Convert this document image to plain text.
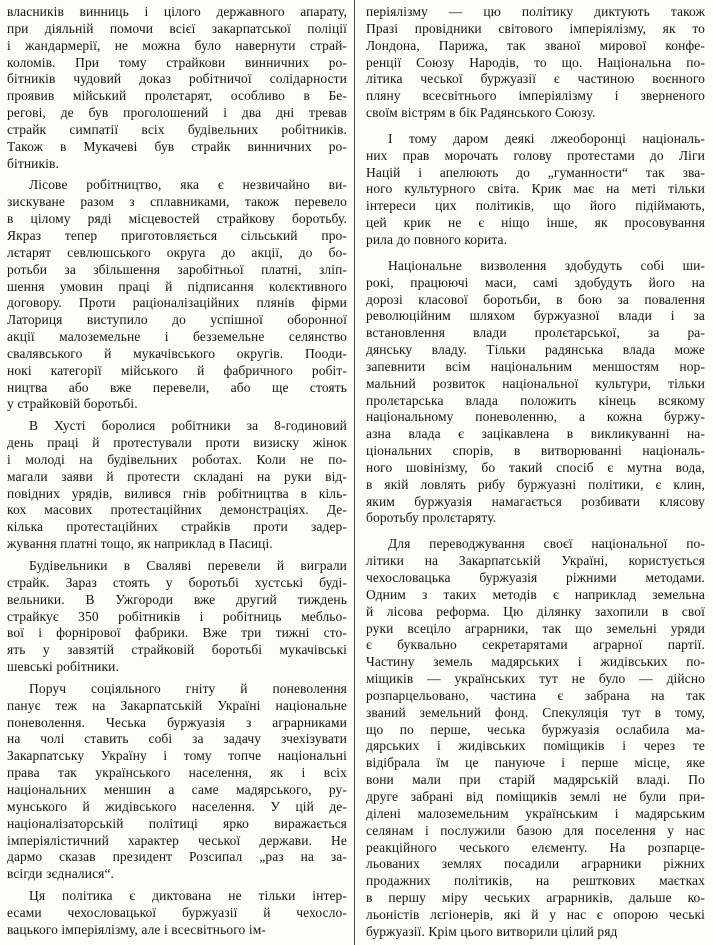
власників винниць і цілого державного апарату,
при діяльній помочи всієї закарпатської поліції
і жандармерії, не можна було навернути страй-
коломів. При тому страйкови винничних ро-
бітників чудовий доказ робітничої солідарности
проявив мійський пролєтарят, особливо в Бе-
регові, де був проголошений і два дні тревав
страйк симпатії всіх будівельних робітників.
Також в Мукачеві був страйк винничних ро-
бітників.
Лісове робітництво, яка є незвичайно ви-
зискуване разом з сплавниками, також перевело
в цілому ряді місцевостей страйкову боротьбу.
Якраз тепер приготовляється сільський про-
лєтарят севлюшського округа до акції, до бо-
ротьби за збільшення заробітньої платні, зліп-
шення умовин праці й підписання колєктивного
договору. Проти раціоналізаційних плянів фірми
Латориця виступило до успішної оборонної
акції малоземельне і безземельне селянство
свалявського й мукачівського округів. Пооди-
нокі категорії мійського й фабричного робіт-
ництва або вже перевели, або ще стоять
у страйковій боротьбі.
В Хусті боролися робітники за 8-годиновий
день праці й протестували проти визиску жінок
і молоді на будівельних роботах. Коли не по-
магали заяви й протести складані на руки від-
повідних урядів, вилився гнів робітництва в кіль-
кох масових протестаційних демонстраціях. Де-
кілька протестаційних страйків проти задер-
жування платні тощо, як наприклад в Пасиці.
Будівельники в Сваляві перевели й виграли
страйк. Зараз стоять у боротьбі хустські буді-
вельники. В Ужгороди вже другий тиждень
страйкує 350 робітників і робітниць мебльо-
вої і форнірової фабрики. Вже три тижні сто-
ять у завзятій страйковій боротьбі мукачівські
шевські робітники.
Поруч соціяльного гніту й поневолення
панує теж на Закарпатській Україні національне
поневолення. Чеська буржуазія з аграрниками
на чолі ставить собі за задачу зчехізувати
Закарпатську Україну і тому топче національні
права так українського населення, як і всіх
національних меншин а саме мадярського, ру-
мунського й жидівського населення. У цій де-
націоналізаторській політиці ярко виражається
імперіялістичний характер чеської держави. Не
дармо сказав президент Розсипал „раз на за-
всігди зєдналися“.
Ця політика є диктована не тільки інтер-
есами чехословацької буржуазії й чехосло-
вацького імперіялізму, але і всесвітнього ім-
періялізму — цю політику диктують також
Празі провідники світового імперіялізму, як то
Лондона, Парижа, так званої мирової конфе-
ренції Союзу Народів, то що. Національна по-
літика чеської буржуазії є частиною воєнного
пляну всесвітнього імперіялізму і зверненого
своїм вістрям в бік Радянського Союзу.
І тому даром деякі лжеоборонці національ-
них прав морочать голову протестами до Ліги
Націй і апелюють до „гуманности“ так зва-
ного культурного світа. Крик має на меті тільки
інтереси цих політиків, що його підіймають,
цей крик не є ніщо інше, як просовування
рила до повного корита.
Національне визволення здобудуть собі ши-
рокі, працюючі маси, самі здобудуть його на
дорозі класової боротьби, в бою за повалення
революційним шляхом буржуазної влади і за
встановлення влади пролєтарської, за ра-
дянську владу. Тільки радянська влада може
запевнити всім національним меншостям нор-
мальний розвиток національної культури, тільки
пролєтарська влада положить кінець всякому
національному поневоленню, а кожна буржу-
азна влада є зацікавлена в викликуванні на-
ціональних спорів, в витворюванні національ-
ного шовінізму, бо такий спосіб є мутна вода,
в якій ловлять рибу буржуазні політики, є клин,
яким буржуазія намагається розбивати клясову
боротьбу пролєтаряту.
Для переводжування своєї національної по-
літики на Закарпатській Україні, користується
чехословацька буржуазія ріжними методами.
Одним з таких методів є наприклад земельна
й лісова реформа. Цю ділянку захопили в свої
руки всеціло аграрники, так що земельні уряди
є буквально секретарятами аграрної партії.
Частину земель мадярських і жидівських по-
міщиків — українських тут не було — дійсно
розпарцельовано, частина є забрана на так
званий земельний фонд. Спекуляція тут в тому,
що по перше, чеська буржуазія ослабила ма-
дярських і жидівських поміщиків і через те
відібрала їм це пануюче і перше місце, яке
вони мали при старій мадярській владі. По
друге забрані від поміщиків землі не були при-
ділені малоземельним українським і мадярським
селянам і послужили базою для поселення у нас
реакційного чеського елєменту. На розпарце-
льованих землях посадили аграрники ріжних
продажних політиків, на решткових маєтках
в першу міру чеських аграрників, дальше ко-
льоністів лєгіонерів, які й у нас є опорою чеські
буржуазії. Крім цього витворили цілий ряд
